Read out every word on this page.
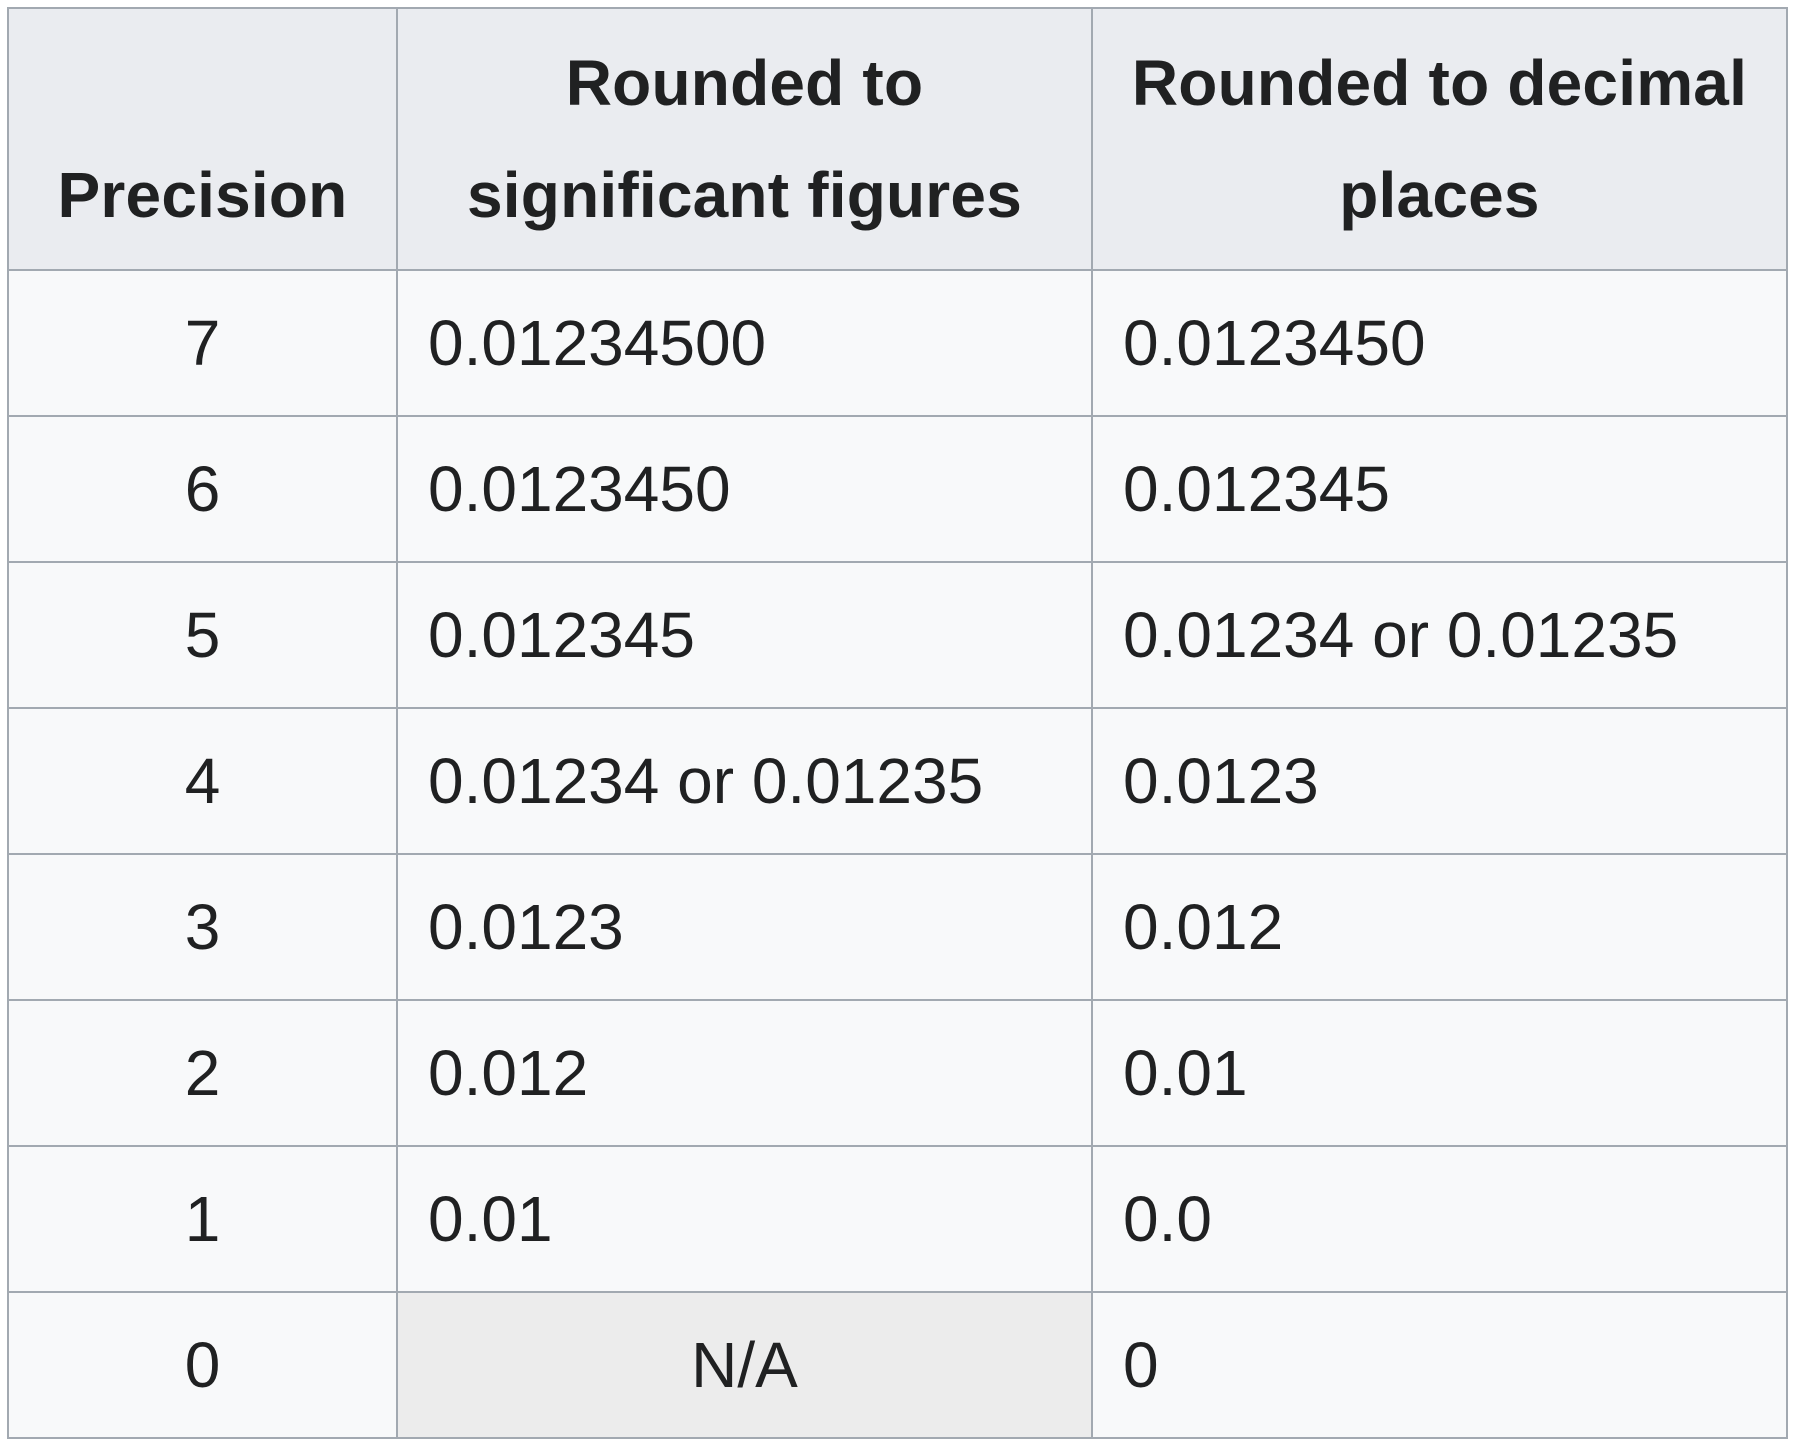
Precision	Rounded to significant figures	Rounded to decimal places
7	0.01234500	0.0123450
6	0.0123450	0.012345
5	0.012345	0.01234 or 0.01235
4	0.01234 or 0.01235	0.0123
3	0.0123	0.012
2	0.012	0.01
1	0.01	0.0
0	N/A	0
